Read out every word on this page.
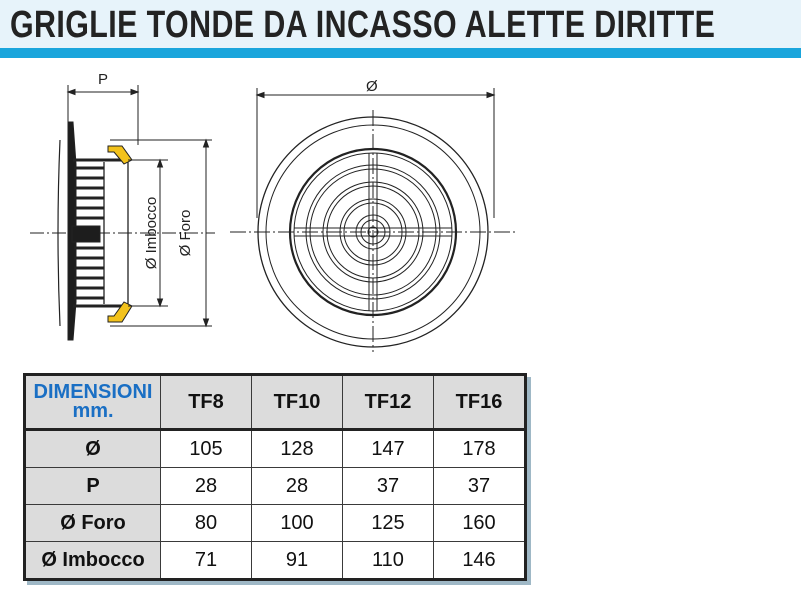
GRIGLIE TONDE DA INCASSO ALETTE DIRITTE
P
Ø Imbocco Ø Foro
Ø
DIMENSIONI
mm.	TF8	TF10	TF12	TF16
Ø	105	128	147	178
P	28	28	37	37
Ø Foro	80	100	125	160
Ø Imbocco	71	91	110	146
